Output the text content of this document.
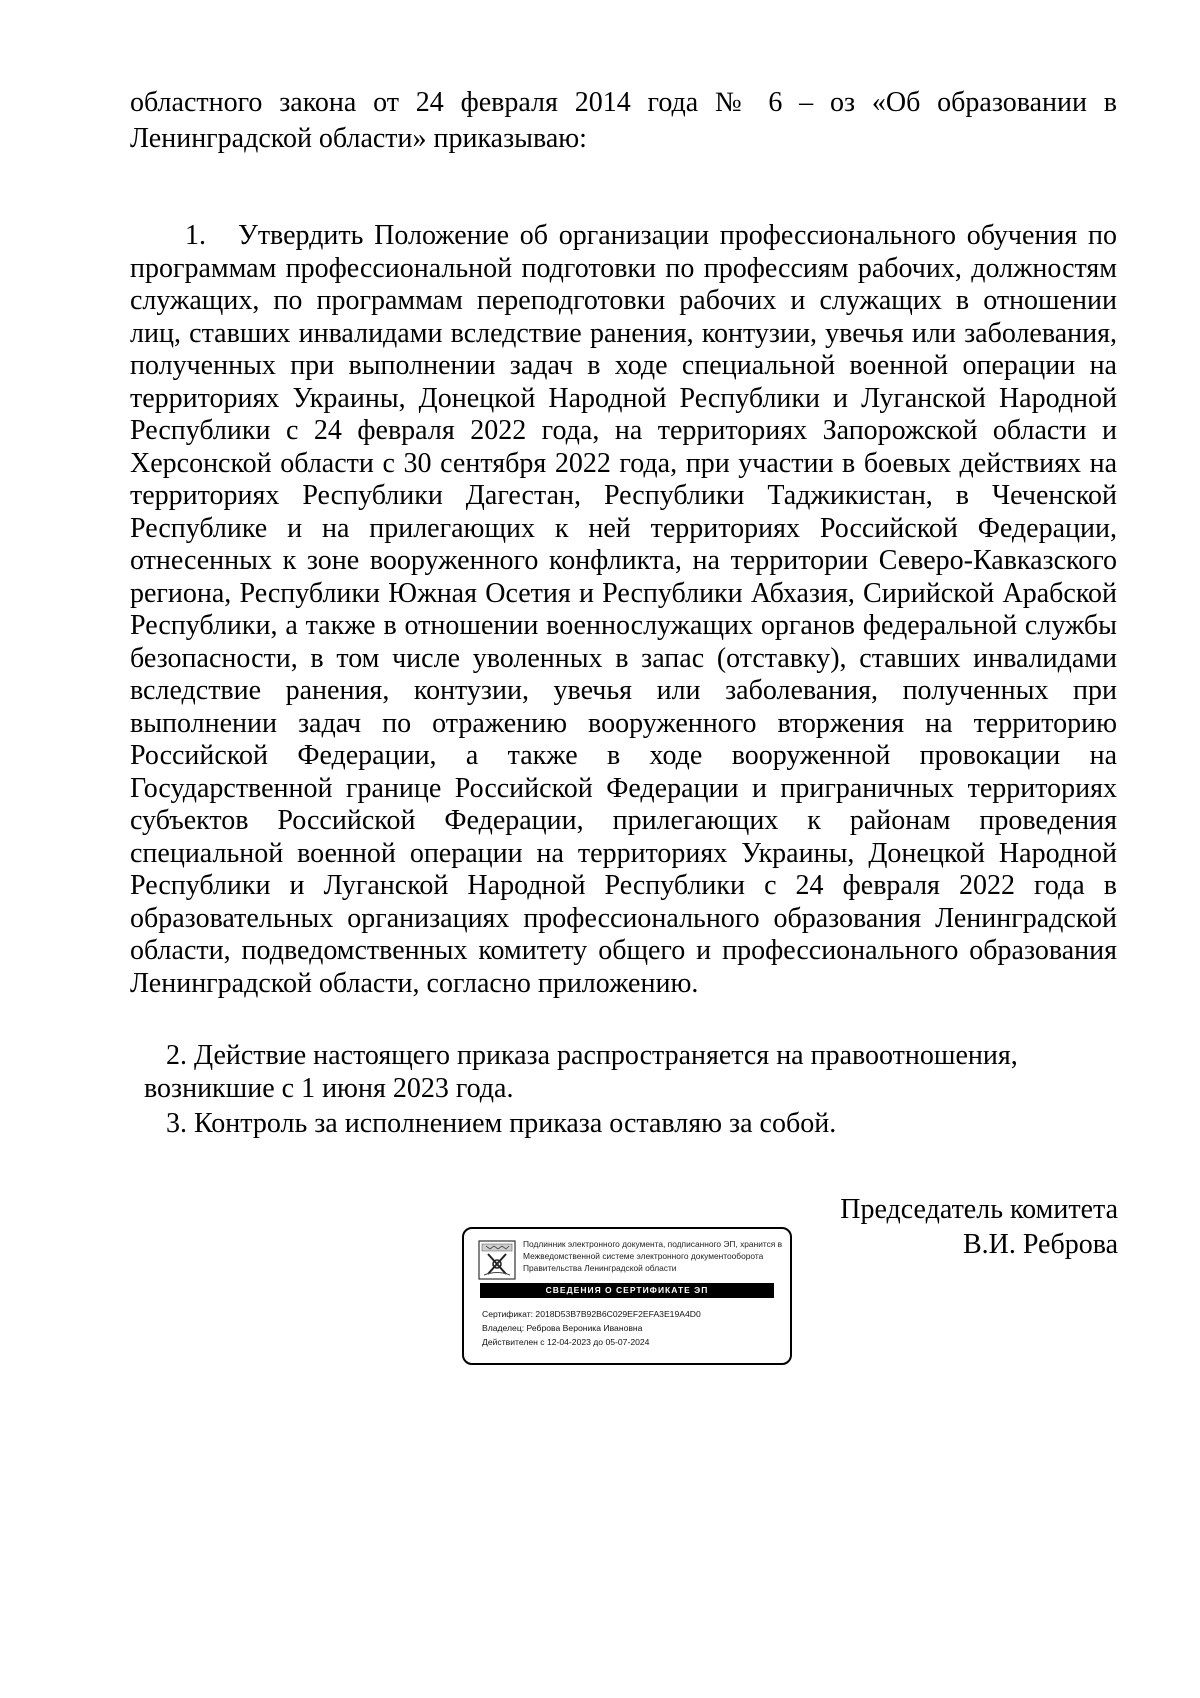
областного закона от 24 февраля 2014 года № 6 – оз «Об образовании в Ленинградской области» приказываю:
1. Утвердить Положение об организации профессионального обучения по программам профессиональной подготовки по профессиям рабочих, должностям служащих, по программам переподготовки рабочих и служащих в отношении лиц, ставших инвалидами вследствие ранения, контузии, увечья или заболевания, полученных при выполнении задач в ходе специальной военной операции на территориях Украины, Донецкой Народной Республики и Луганской Народной Республики с 24 февраля 2022 года, на территориях Запорожской области и Херсонской области с 30 сентября 2022 года, при участии в боевых действиях на территориях Республики Дагестан, Республики Таджикистан, в Чеченской Республике и на прилегающих к ней территориях Российской Федерации, отнесенных к зоне вооруженного конфликта, на территории Северо-Кавказского региона, Республики Южная Осетия и Республики Абхазия, Сирийской Арабской Республики, а также в отношении военнослужащих органов федеральной службы безопасности, в том числе уволенных в запас (отставку), ставших инвалидами вследствие ранения, контузии, увечья или заболевания, полученных при выполнении задач по отражению вооруженного вторжения на территорию Российской Федерации, а также в ходе вооруженной провокации на Государственной границе Российской Федерации и приграничных территориях субъектов Российской Федерации, прилегающих к районам проведения специальной военной операции на территориях Украины, Донецкой Народной Республики и Луганской Народной Республики с 24 февраля 2022 года в образовательных организациях профессионального образования Ленинградской области, подведомственных комитету общего и профессионального образования Ленинградской области, согласно приложению.
2. Действие настоящего приказа распространяется на правоотношения, возникшие с 1 июня 2023 года.
3. Контроль за исполнением приказа оставляю за собой.
Председатель комитета
В.И. Реброва
Подлинник электронного документа, подписанного ЭП, хранится в Межведомственной системе электронного документооборота Правительства Ленинградской области
СВЕДЕНИЯ О СЕРТИФИКАТЕ ЭП
Сертификат: 2018D53B7B92B6C029EF2EFA3E19A4D0
Владелец: Реброва Вероника Ивановна
Действителен с 12-04-2023 до 05-07-2024
